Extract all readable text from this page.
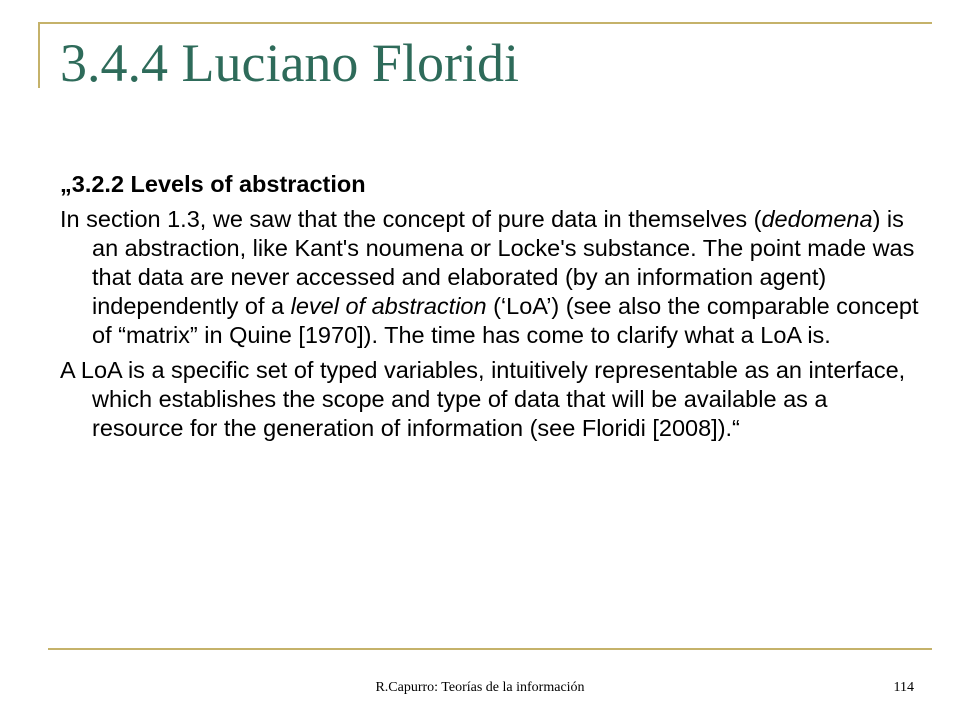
3.4.4 Luciano Floridi

„3.2.2 Levels of abstraction

In section 1.3, we saw that the concept of pure data in themselves (dedomena) is an abstraction, like Kant's noumena or Locke's substance. The point made was that data are never accessed and elaborated (by an information agent) independently of a level of abstraction (‘LoA’) (see also the comparable concept of “matrix” in Quine [1970]). The time has come to clarify what a LoA is.

A LoA is a specific set of typed variables, intuitively representable as an interface, which establishes the scope and type of data that will be available as a resource for the generation of information (see Floridi [2008]).“

R.Capurro: Teorías de la información	114
